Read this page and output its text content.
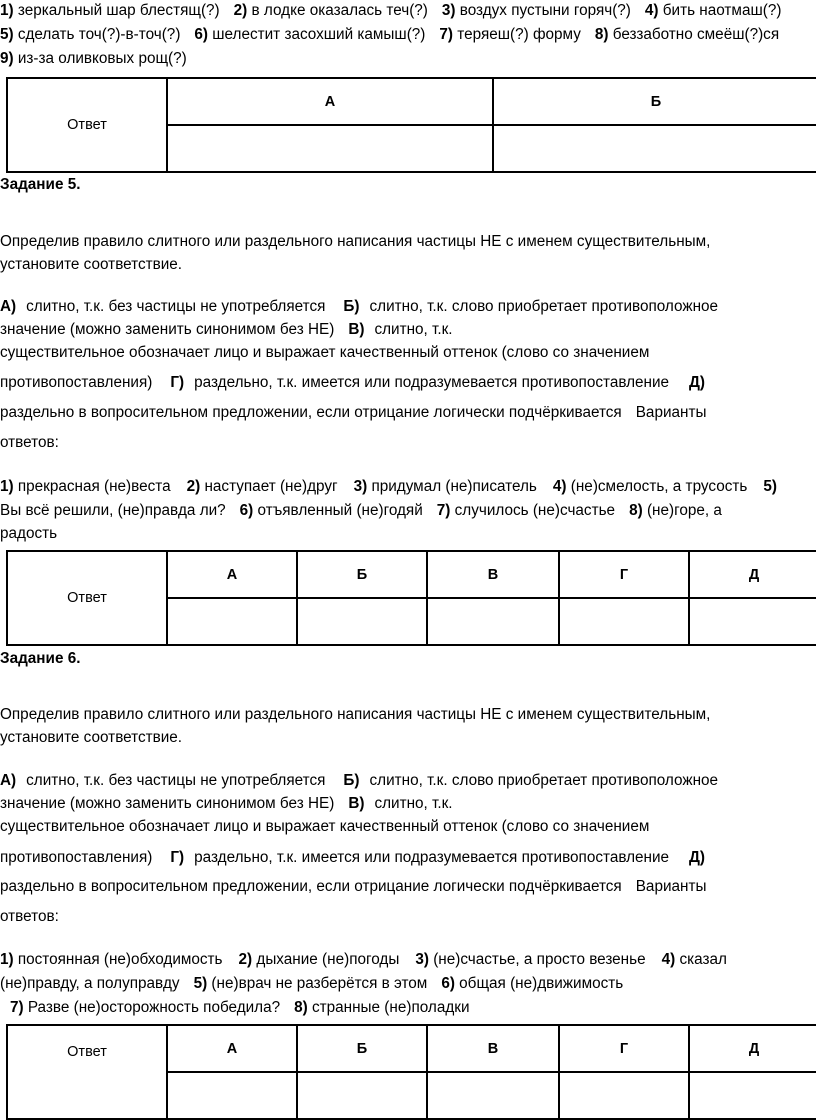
1) зеркальный шар блестящ(?) 2) в лодке оказалась теч(?) 3) воздух пустыни горяч(?) 4) бить наотмаш(?)
5) сделать точ(?)-в-точ(?) 6) шелестит засохший камыш(?) 7) теряеш(?) форму 8) беззаботно смеёш(?)ся
9) из-за оливковых рощ(?)
Ответ	А	Б

Задание 5.
Определив правило слитного или раздельного написания частицы НЕ с именем существительным,
установите соответствие.
А) слитно, т.к. без частицы не употребляется Б) слитно, т.к. слово приобретает противоположное
значение (можно заменить синонимом без НЕ) В) слитно, т.к.
существительное обозначает лицо и выражает качественный оттенок (слово со значением
противопоставления) Г) раздельно, т.к. имеется или подразумевается противопоставление Д)
раздельно в вопросительном предложении, если отрицание логически подчёркивается Варианты
ответов:
1) прекрасная (не)веста 2) наступает (не)друг 3) придумал (не)писатель 4) (не)смелость, а трусость 5)
Вы всё решили, (не)правда ли? 6) отъявленный (не)годяй 7) случилось (не)счастье 8) (не)горе, а
радость
Ответ	А	Б	В	Г	Д

Задание 6.
Определив правило слитного или раздельного написания частицы НЕ с именем существительным,
установите соответствие.
А) слитно, т.к. без частицы не употребляется Б) слитно, т.к. слово приобретает противоположное
значение (можно заменить синонимом без НЕ) В) слитно, т.к.
существительное обозначает лицо и выражает качественный оттенок (слово со значением
противопоставления) Г) раздельно, т.к. имеется или подразумевается противопоставление Д)
раздельно в вопросительном предложении, если отрицание логически подчёркивается Варианты
ответов:
1) постоянная (не)обходимость 2) дыхание (не)погоды 3) (не)счастье, а просто везенье 4) сказал
(не)правду, а полуправду 5) (не)врач не разберётся в этом 6) общая (не)движимость
7) Разве (не)осторожность победила? 8) странные (не)поладки
Ответ	А	Б	В	Г	Д
